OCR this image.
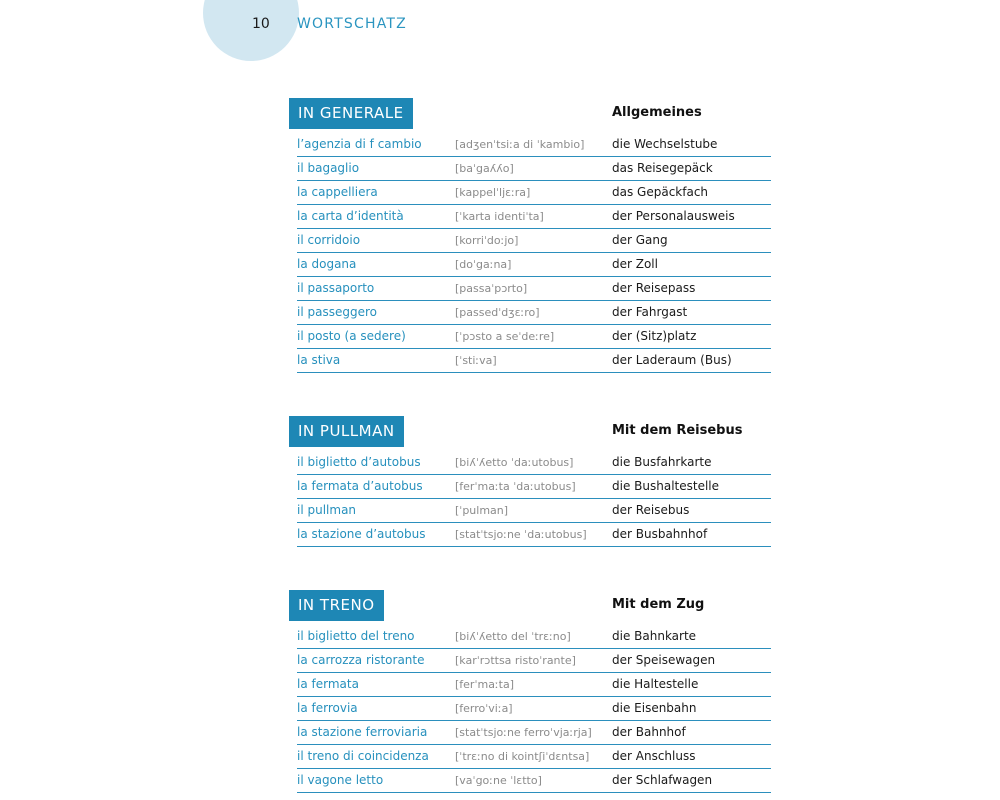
10 WORTSCHATZ
IN GENERALE	Allgemeines
l’agenzia di f cambio	[adʒenˈtsiːa di ˈkambio] die Wechselstube
il bagaglio	[baˈgaʎʎo]	das Reisegepäck
la cappelliera	[kappelˈljɛːra]	das Gepäckfach
la carta d’identità	[ˈkarta identiˈta]	der Personalausweis
il corridoio	[korriˈdoːjo]	der Gang
la dogana	[doˈgaːna]	der Zoll
il passaporto	[passaˈpɔrto]	der Reisepass
il passeggero	[passedˈdʒɛːro]	der Fahrgast
il posto (a sedere)	[ˈpɔsto a seˈdeːre]	der (Sitz)platz
la stiva	[ˈstiːva]	der Laderaum (Bus)
IN PULLMAN	Mit dem Reisebus
il biglietto d’autobus	[biʎˈʎetto ˈdaːutobus]	die Busfahrkarte
la fermata d’autobus	[ferˈmaːta ˈdaːutobus]	die Bushaltestelle
il pullman	[ˈpulman]	der Reisebus
la stazione d’autobus	[statˈtsjoːne ˈdaːutobus] der Busbahnhof
IN TRENO	Mit dem Zug
il biglietto del treno	[biʎˈʎetto del ˈtrɛːno]	die Bahnkarte
la carrozza ristorante	[karˈrɔttsa ristoˈrante]	der Speisewagen
la fermata	[ferˈmaːta]	die Haltestelle
la ferrovia	[ferroˈviːa]	die Eisenbahn
la stazione ferroviaria	[statˈtsjoːne ferroˈvjaːrja] der Bahnhof
il treno di coincidenza [ˈtrɛːno di kointʃiˈdɛntsa] der Anschluss
il vagone letto	[vaˈgoːne ˈlɛtto]	der Schlafwagen
